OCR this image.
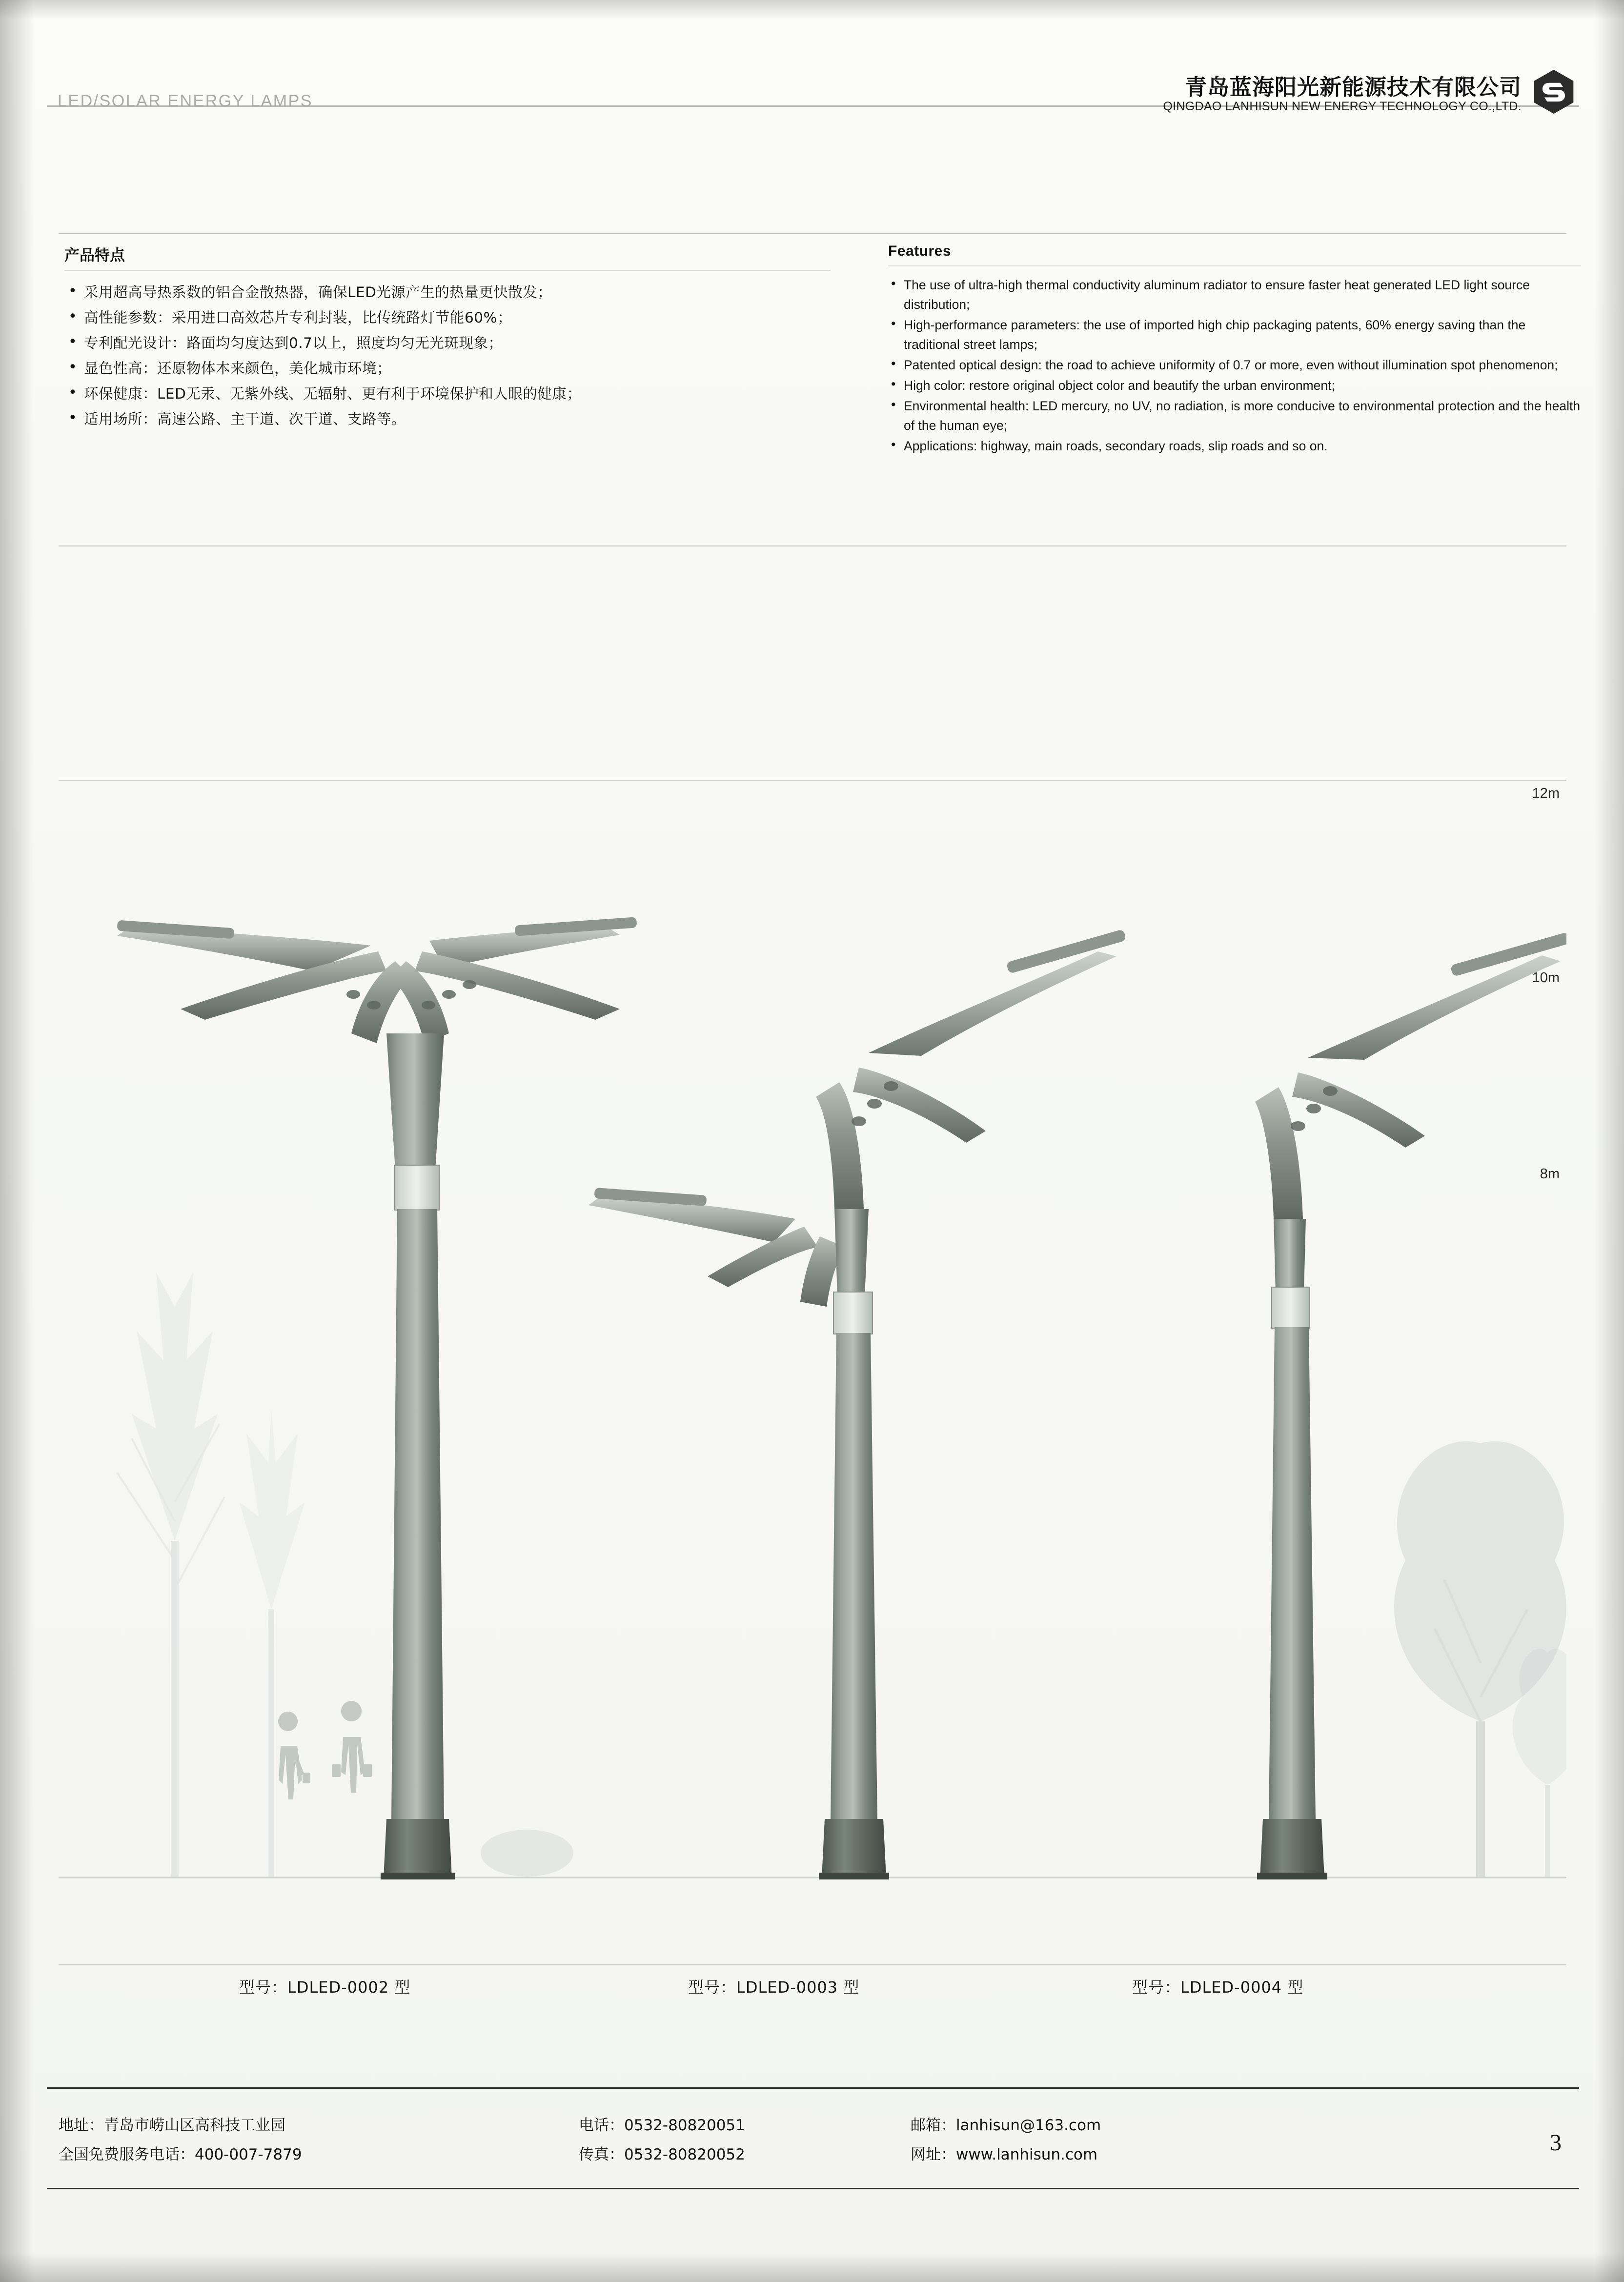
LED/SOLAR ENERGY LAMPS
青岛蓝海阳光新能源技术有限公司
QINGDAO LANHISUN NEW ENERGY TECHNOLOGY CO.,LTD.
产品特点
• 采用超高导热系数的铝合金散热器，确保LED光源产生的热量更快散发；
• 高性能参数：采用进口高效芯片专利封装，比传统路灯节能60%；
• 专利配光设计：路面均匀度达到0.7以上，照度均匀无光斑现象；
• 显色性高：还原物体本来颜色，美化城市环境；
• 环保健康：LED无汞、无紫外线、无辐射、更有利于环境保护和人眼的健康；
• 适用场所：高速公路、主干道、次干道、支路等。
Features
• The use of ultra-high thermal conductivity aluminum radiator to ensure faster heat generated LED light source distribution;
• High-performance parameters: the use of imported high chip packaging patents, 60% energy saving than the traditional street lamps;
• Patented optical design: the road to achieve uniformity of 0.7 or more, even without illumination spot phenomenon;
• High color: restore original object color and beautify the urban environment;
• Environmental health: LED mercury, no UV, no radiation, is more conducive to environmental protection and the health of the human eye;
• Applications: highway, main roads, secondary roads, slip roads and so on.
12m
10m
8m
型号：LDLED-0002 型	型号：LDLED-0003 型	型号：LDLED-0004 型
地址：青岛市崂山区高科技工业园
全国免费服务电话：400-007-7879
电话：0532-80820051
传真：0532-80820052
邮箱：lanhisun@163.com
网址：www.lanhisun.com	3
